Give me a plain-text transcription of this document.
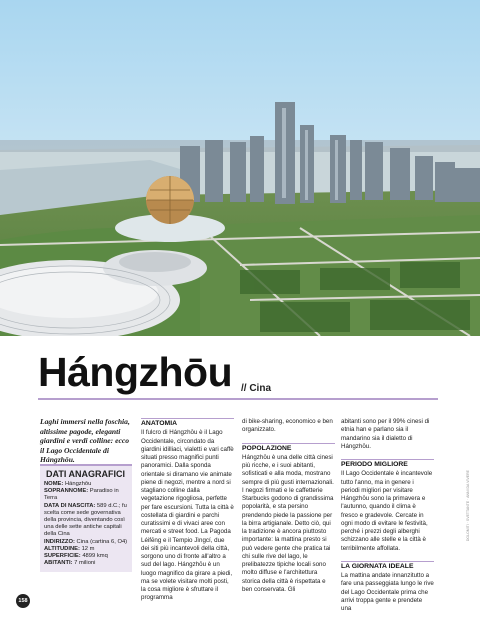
Hángzhōu // Cina
Laghi immersi nella foschia, altissime pagode, eleganti giardini e verdi colline: ecco il Lago Occidentale di Hángzhōu.
DATI ANAGRAFICI
NOME: Hángzhōu
SOPRANNOME: Paradiso in Terra
DATA DI NASCITA: 589 d.C.; fu scelta come sede governativa della provincia, diventando così una delle sette antiche capitali della Cina
INDIRIZZO: Cina (cartina 6, O4)
ALTITUDINE: 12 m
SUPERFICIE: 4899 kmq
ABITANTI: 7 milioni
ANATOMIA
Il fulcro di Hángzhōu è il Lago Occidentale, circondato da giardini idilliaci, vialetti e vari caffè situati presso magnifici punti panoramici. Dalla sponda orientale si diramano vie animate piene di negozi, mentre a nord si stagliano colline dalla vegetazione rigogliosa, perfette per fare escursioni. Tutta la città è costellata di giardini e parchi curatissimi e di vivaci aree con mercati e street food. La Pagoda Léifēng e il Tempio Jìngcí, due dei siti più incantevoli della città, sorgono uno di fronte all'altro a sud del lago. Hángzhōu è un luogo magnifico da girare a piedi, ma se volete visitare molti posti, la cosa migliore è sfruttare il programma
di bike-sharing, economico e ben organizzato.
POPOLAZIONE
Hángzhōu è una delle città cinesi più ricche, e i suoi abitanti, sofisticati e alla moda, mostrano sempre di più gusti internazionali. I negozi firmati e le caffetterie Starbucks godono di grandissima popolarità, e sta persino prendendo piede la passione per la birra artigianale. Detto ciò, qui la tradizione è ancora piuttosto importante: la mattina presto si può vedere gente che pratica tai chi sulle rive del lago, le prelibatezze tipiche locali sono molto diffuse e l'architettura storica della città è rispettata e ben conservata. Gli
abitanti sono per il 99% cinesi di etnia han e parlano sia il mandarino sia il dialetto di Hángzhōu.
PERIODO MIGLIORE
Il Lago Occidentale è incantevole tutto l'anno, ma in genere i periodi migliori per visitare Hángzhōu sono la primavera e l'autunno, quando il clima è fresco e gradevole. Cercate in ogni modo di evitare le festività, perché i prezzi degli alberghi schizzano alle stelle e la città è terribilmente affollata.
LA GIORNATA IDEALE
La mattina andate innanzitutto a fare una passeggiata lungo le rive del Lago Occidentale prima che arrivi troppa gente e prendete una
DOLOMITI · SVETTANTE · ANNI DA VIVERE
158
